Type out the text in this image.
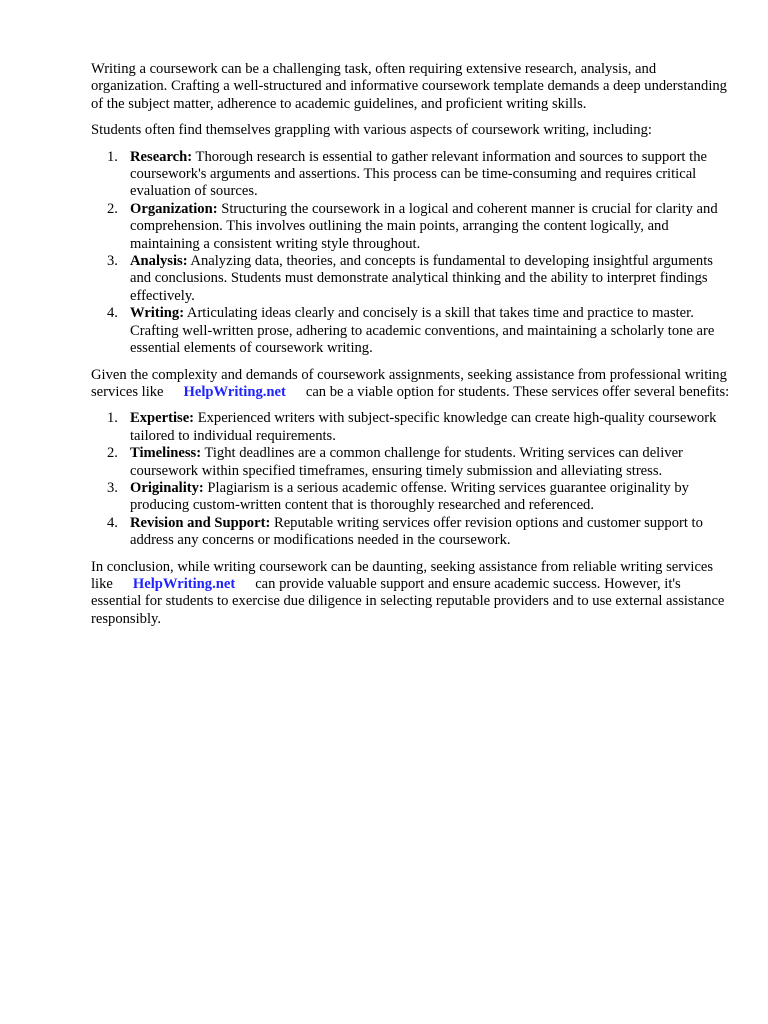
Writing a coursework can be a challenging task, often requiring extensive research, analysis, and organization. Crafting a well-structured and informative coursework template demands a deep understanding of the subject matter, adherence to academic guidelines, and proficient writing skills.

Students often find themselves grappling with various aspects of coursework writing, including:

1. Research: Thorough research is essential to gather relevant information and sources to support the coursework's arguments and assertions. This process can be time-consuming and requires critical evaluation of sources.
2. Organization: Structuring the coursework in a logical and coherent manner is crucial for clarity and comprehension. This involves outlining the main points, arranging the content logically, and maintaining a consistent writing style throughout.
3. Analysis: Analyzing data, theories, and concepts is fundamental to developing insightful arguments and conclusions. Students must demonstrate analytical thinking and the ability to interpret findings effectively.
4. Writing: Articulating ideas clearly and concisely is a skill that takes time and practice to master. Crafting well-written prose, adhering to academic conventions, and maintaining a scholarly tone are essential elements of coursework writing.

Given the complexity and demands of coursework assignments, seeking assistance from professional writing services like HelpWriting.net can be a viable option for students. These services offer several benefits:

1. Expertise: Experienced writers with subject-specific knowledge can create high-quality coursework tailored to individual requirements.
2. Timeliness: Tight deadlines are a common challenge for students. Writing services can deliver coursework within specified timeframes, ensuring timely submission and alleviating stress.
3. Originality: Plagiarism is a serious academic offense. Writing services guarantee originality by producing custom-written content that is thoroughly researched and referenced.
4. Revision and Support: Reputable writing services offer revision options and customer support to address any concerns or modifications needed in the coursework.

In conclusion, while writing coursework can be daunting, seeking assistance from reliable writing services like HelpWriting.net can provide valuable support and ensure academic success. However, it's essential for students to exercise due diligence in selecting reputable providers and to use external assistance responsibly.
